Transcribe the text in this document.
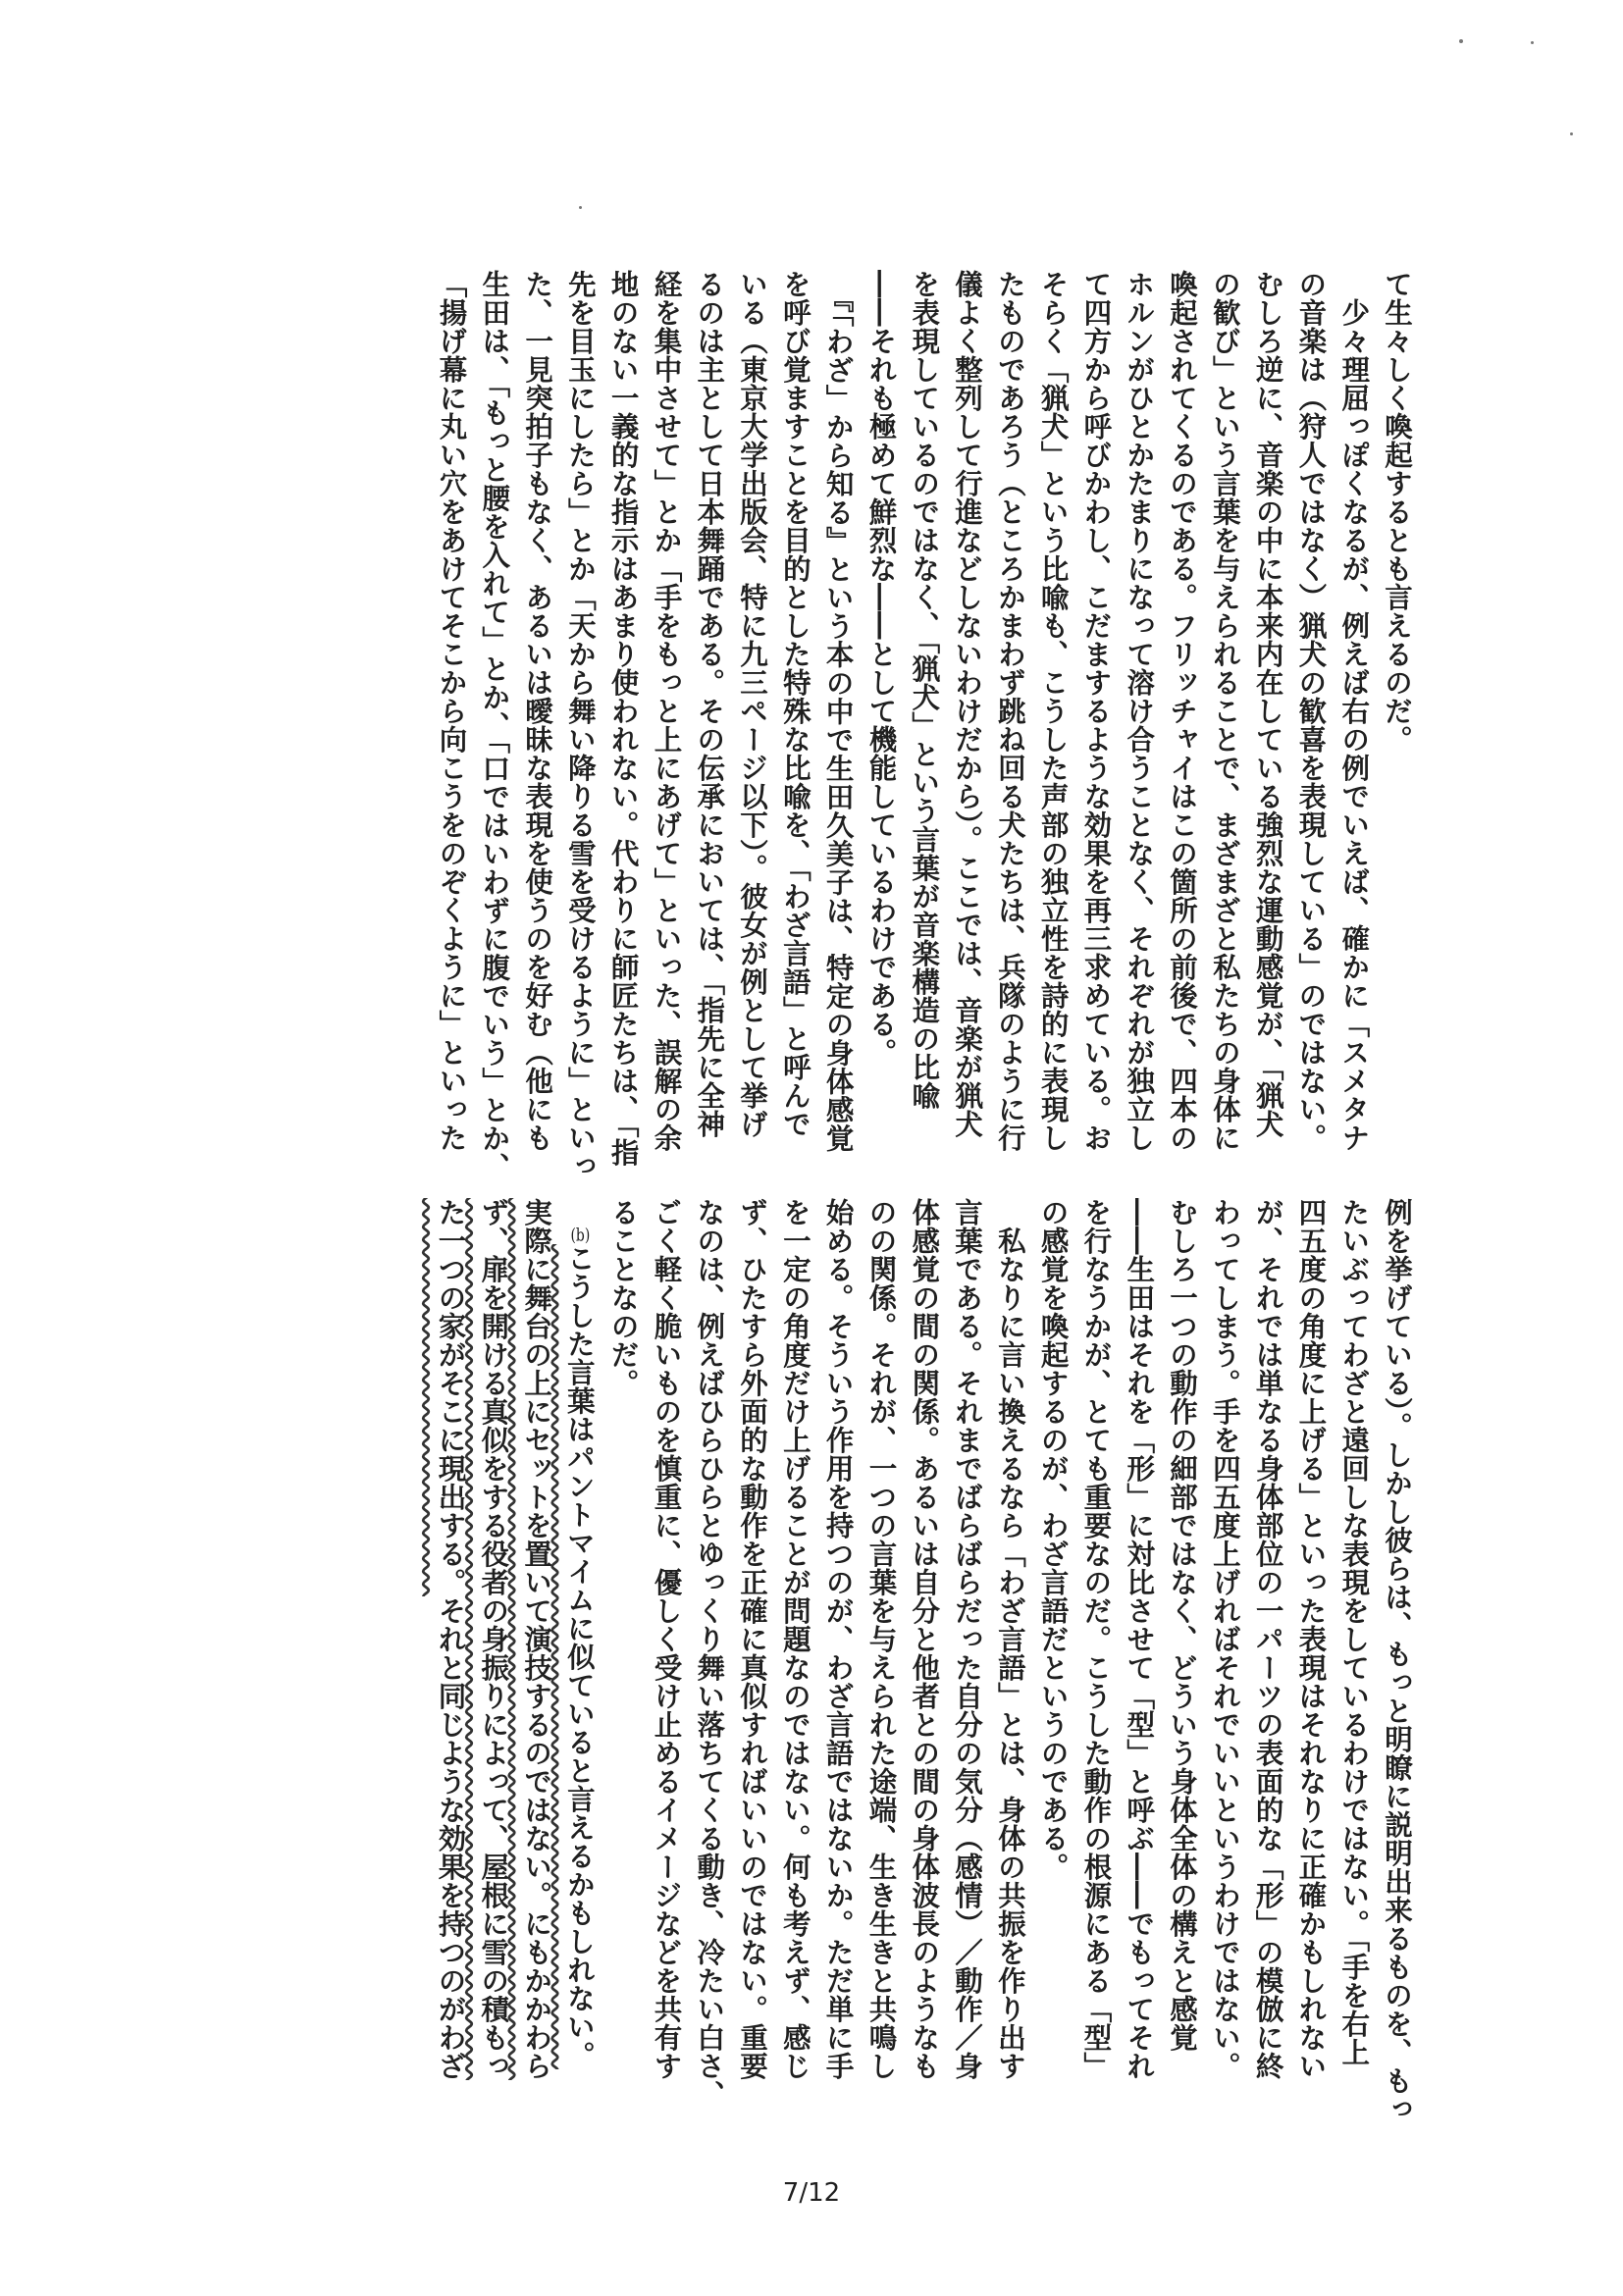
て生々しく喚起するとも言えるのだ。
　少々理屈っぽくなるが、例えば右の例でいえば、確かに「スメタナ
の音楽は（狩人ではなく）猟犬の歓喜を表現している」のではない。
むしろ逆に、音楽の中に本来内在している強烈な運動感覚が、「猟犬
の歓び」という言葉を与えられることで、まざまざと私たちの身体に
喚起されてくるのである。フリッチャイはこの箇所の前後で、四本の
ホルンがひとかたまりになって溶け合うことなく、それぞれが独立し
て四方から呼びかわし、こだまするような効果を再三求めている。お
そらく「猟犬」という比喩も、こうした声部の独立性を詩的に表現し
たものであろう（ところかまわず跳ね回る犬たちは、兵隊のように行
儀よく整列して行進などしないわけだから）。ここでは、音楽が猟犬
を表現しているのではなく、「猟犬」という言葉が音楽構造の比喩
――それも極めて鮮烈な――として機能しているわけである。
　『「わざ」から知る』という本の中で生田久美子は、特定の身体感覚
を呼び覚ますことを目的とした特殊な比喩を、「わざ言語」と呼んで
いる（東京大学出版会、特に九三ページ以下）。彼女が例として挙げ
るのは主として日本舞踊である。その伝承においては、「指先に全神
経を集中させて」とか「手をもっと上にあげて」といった、誤解の余
地のない一義的な指示はあまり使われない。代わりに師匠たちは、「指
先を目玉にしたら」とか「天から舞い降りる雪を受けるように」といっ
た、一見突拍子もなく、あるいは曖昧な表現を使うのを好む（他にも
生田は、「もっと腰を入れて」とか、「口ではいわずに腹でいう」とか、
「揚げ幕に丸い穴をあけてそこから向こうをのぞくように」といった
例を挙げている）。しかし彼らは、もっと明瞭に説明出来るものを、もっ
たいぶってわざと遠回しな表現をしているわけではない。「手を右上
四五度の角度に上げる」といった表現はそれなりに正確かもしれない
が、それでは単なる身体部位の一パーツの表面的な「形」の模倣に終
わってしまう。手を四五度上げればそれでいいというわけではない。
むしろ一つの動作の細部ではなく、どういう身体全体の構えと感覚
――生田はそれを「形」に対比させて「型」と呼ぶ――でもってそれ
を行なうかが、とても重要なのだ。こうした動作の根源にある「型」
の感覚を喚起するのが、わざ言語だというのである。
　私なりに言い換えるなら「わざ言語」とは、身体の共振を作り出す
言葉である。それまでばらばらだった自分の気分（感情）／動作／身
体感覚の間の関係。あるいは自分と他者との間の身体波長のようなも
のの関係。それが、一つの言葉を与えられた途端、生き生きと共鳴し
始める。そういう作用を持つのが、わざ言語ではないか。ただ単に手
を一定の角度だけ上げることが問題なのではない。何も考えず、感じ
ず、ひたすら外面的な動作を正確に真似すればいいのではない。重要
なのは、例えばひらひらとゆっくり舞い落ちてくる動き、冷たい白さ、
ごく軽く脆いものを慎重に、優しく受け止めるイメージなどを共有す
ることなのだ。
　(b)こうした言葉はパントマイムに似ていると言えるかもしれない。
実際に舞台の上にセットを置いて演技するのではない。にもかかわら
ず、扉を開ける真似をする役者の身振りによって、屋根に雪の積もっ
た一つの家がそこに現出する。それと同じような効果を持つのがわざ
7/12
